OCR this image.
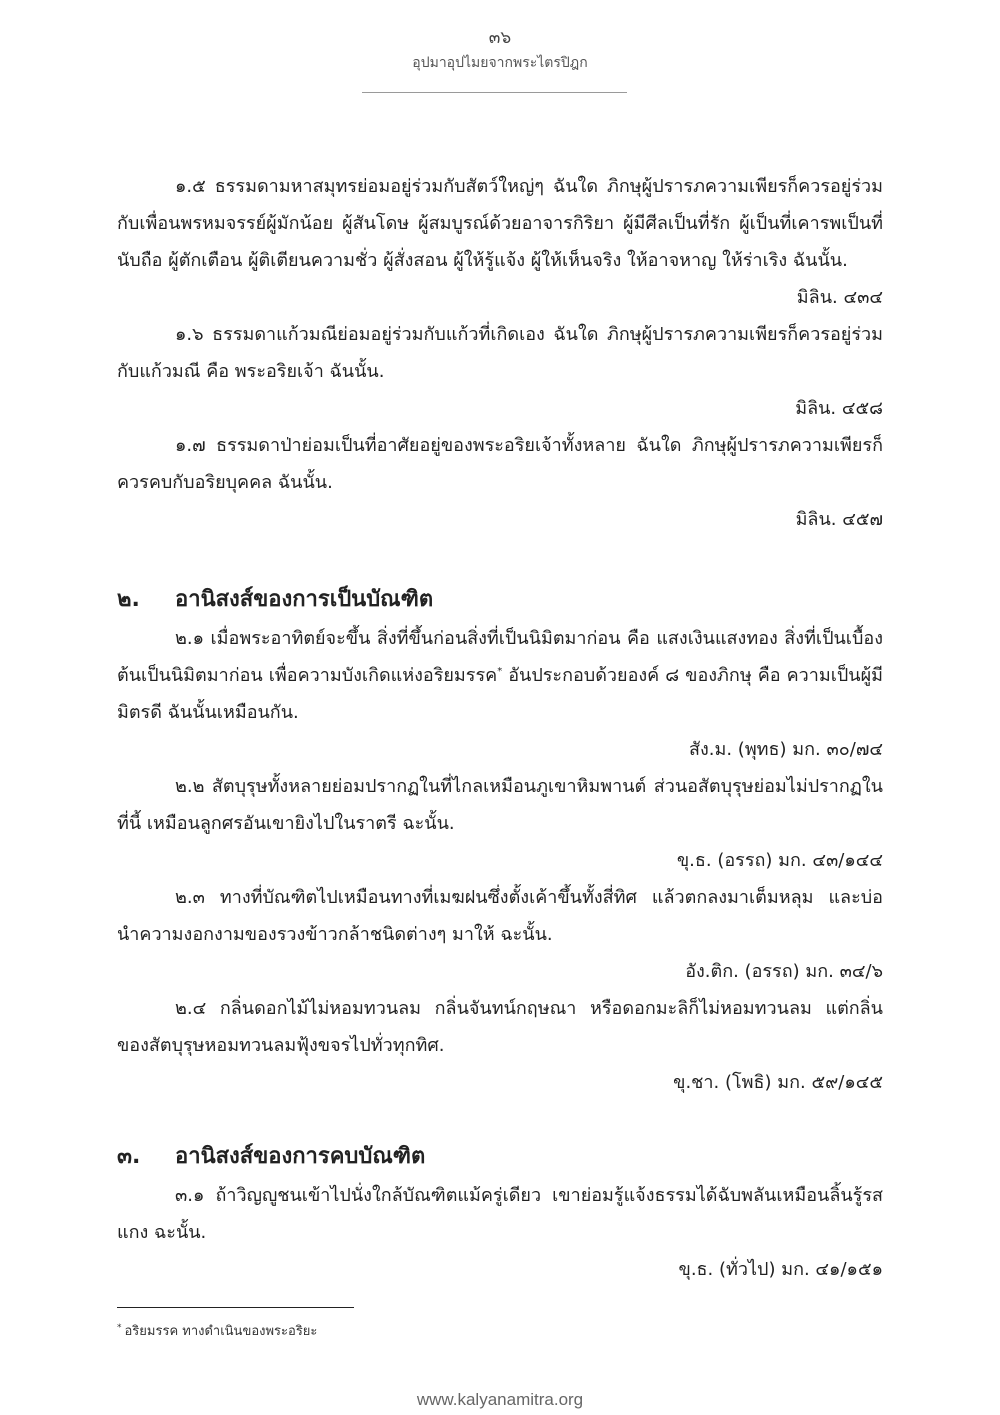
๓๖
อุปมาอุปไมยจากพระไตรปิฎก

๑.๕ ธรรมดามหาสมุทรย่อมอยู่ร่วมกับสัตว์ใหญ่ๆ ฉันใด ภิกษุผู้ปรารภความเพียรก็ควรอยู่ร่วมกับเพื่อนพรหมจรรย์ผู้มักน้อย ผู้สันโดษ ผู้สมบูรณ์ด้วยอาจารกิริยา ผู้มีศีลเป็นที่รัก ผู้เป็นที่เคารพเป็นที่นับถือ ผู้ตักเตือน ผู้ติเตียนความชั่ว ผู้สั่งสอน ผู้ให้รู้แจ้ง ผู้ให้เห็นจริง ให้อาจหาญ ให้ร่าเริง ฉันนั้น.

มิลิน. ๔๓๔

๑.๖ ธรรมดาแก้วมณีย่อมอยู่ร่วมกับแก้วที่เกิดเอง ฉันใด ภิกษุผู้ปรารภความเพียรก็ควรอยู่ร่วมกับแก้วมณี คือ พระอริยเจ้า ฉันนั้น.

มิลิน. ๔๕๘

๑.๗ ธรรมดาป่าย่อมเป็นที่อาศัยอยู่ของพระอริยเจ้าทั้งหลาย ฉันใด ภิกษุผู้ปรารภความเพียรก็ควรคบกับอริยบุคคล ฉันนั้น.

มิลิน. ๔๕๗

๒.	อานิสงส์ของการเป็นบัณฑิต

๒.๑ เมื่อพระอาทิตย์จะขึ้น สิ่งที่ขึ้นก่อนสิ่งที่เป็นนิมิตมาก่อน คือ แสงเงินแสงทอง สิ่งที่เป็นเบื้องต้นเป็นนิมิตมาก่อน เพื่อความบังเกิดแห่งอริยมรรค* อันประกอบด้วยองค์ ๘ ของภิกษุ คือ ความเป็นผู้มีมิตรดี ฉันนั้นเหมือนกัน.

สัง.ม. (พุทธ) มก. ๓๐/๗๔

๒.๒ สัตบุรุษทั้งหลายย่อมปรากฏในที่ไกลเหมือนภูเขาหิมพานต์ ส่วนอสัตบุรุษย่อมไม่ปรากฏในที่นี้ เหมือนลูกศรอันเขายิงไปในราตรี ฉะนั้น.

ขุ.ธ. (อรรถ) มก. ๔๓/๑๔๔

๒.๓ ทางที่บัณฑิตไปเหมือนทางที่เมฆฝนซึ่งตั้งเค้าขึ้นทั้งสี่ทิศ แล้วตกลงมาเต็มหลุม และบ่อ นำความงอกงามของรวงข้าวกล้าชนิดต่างๆ มาให้ ฉะนั้น.

อัง.ติก. (อรรถ) มก. ๓๔/๖

๒.๔ กลิ่นดอกไม้ไม่หอมทวนลม กลิ่นจันทน์กฤษณา หรือดอกมะลิก็ไม่หอมทวนลม แต่กลิ่นของสัตบุรุษหอมทวนลมฟุ้งขจรไปทั่วทุกทิศ.

ขุ.ชา. (โพธิ) มก. ๕๙/๑๔๕

๓.	อานิสงส์ของการคบบัณฑิต

๓.๑ ถ้าวิญญูชนเข้าไปนั่งใกล้บัณฑิตแม้ครู่เดียว เขาย่อมรู้แจ้งธรรมได้ฉับพลันเหมือนลิ้นรู้รสแกง ฉะนั้น.

ขุ.ธ. (ทั่วไป) มก. ๔๑/๑๕๑

* อริยมรรค ทางดำเนินของพระอริยะ
www.kalyanamitra.org
